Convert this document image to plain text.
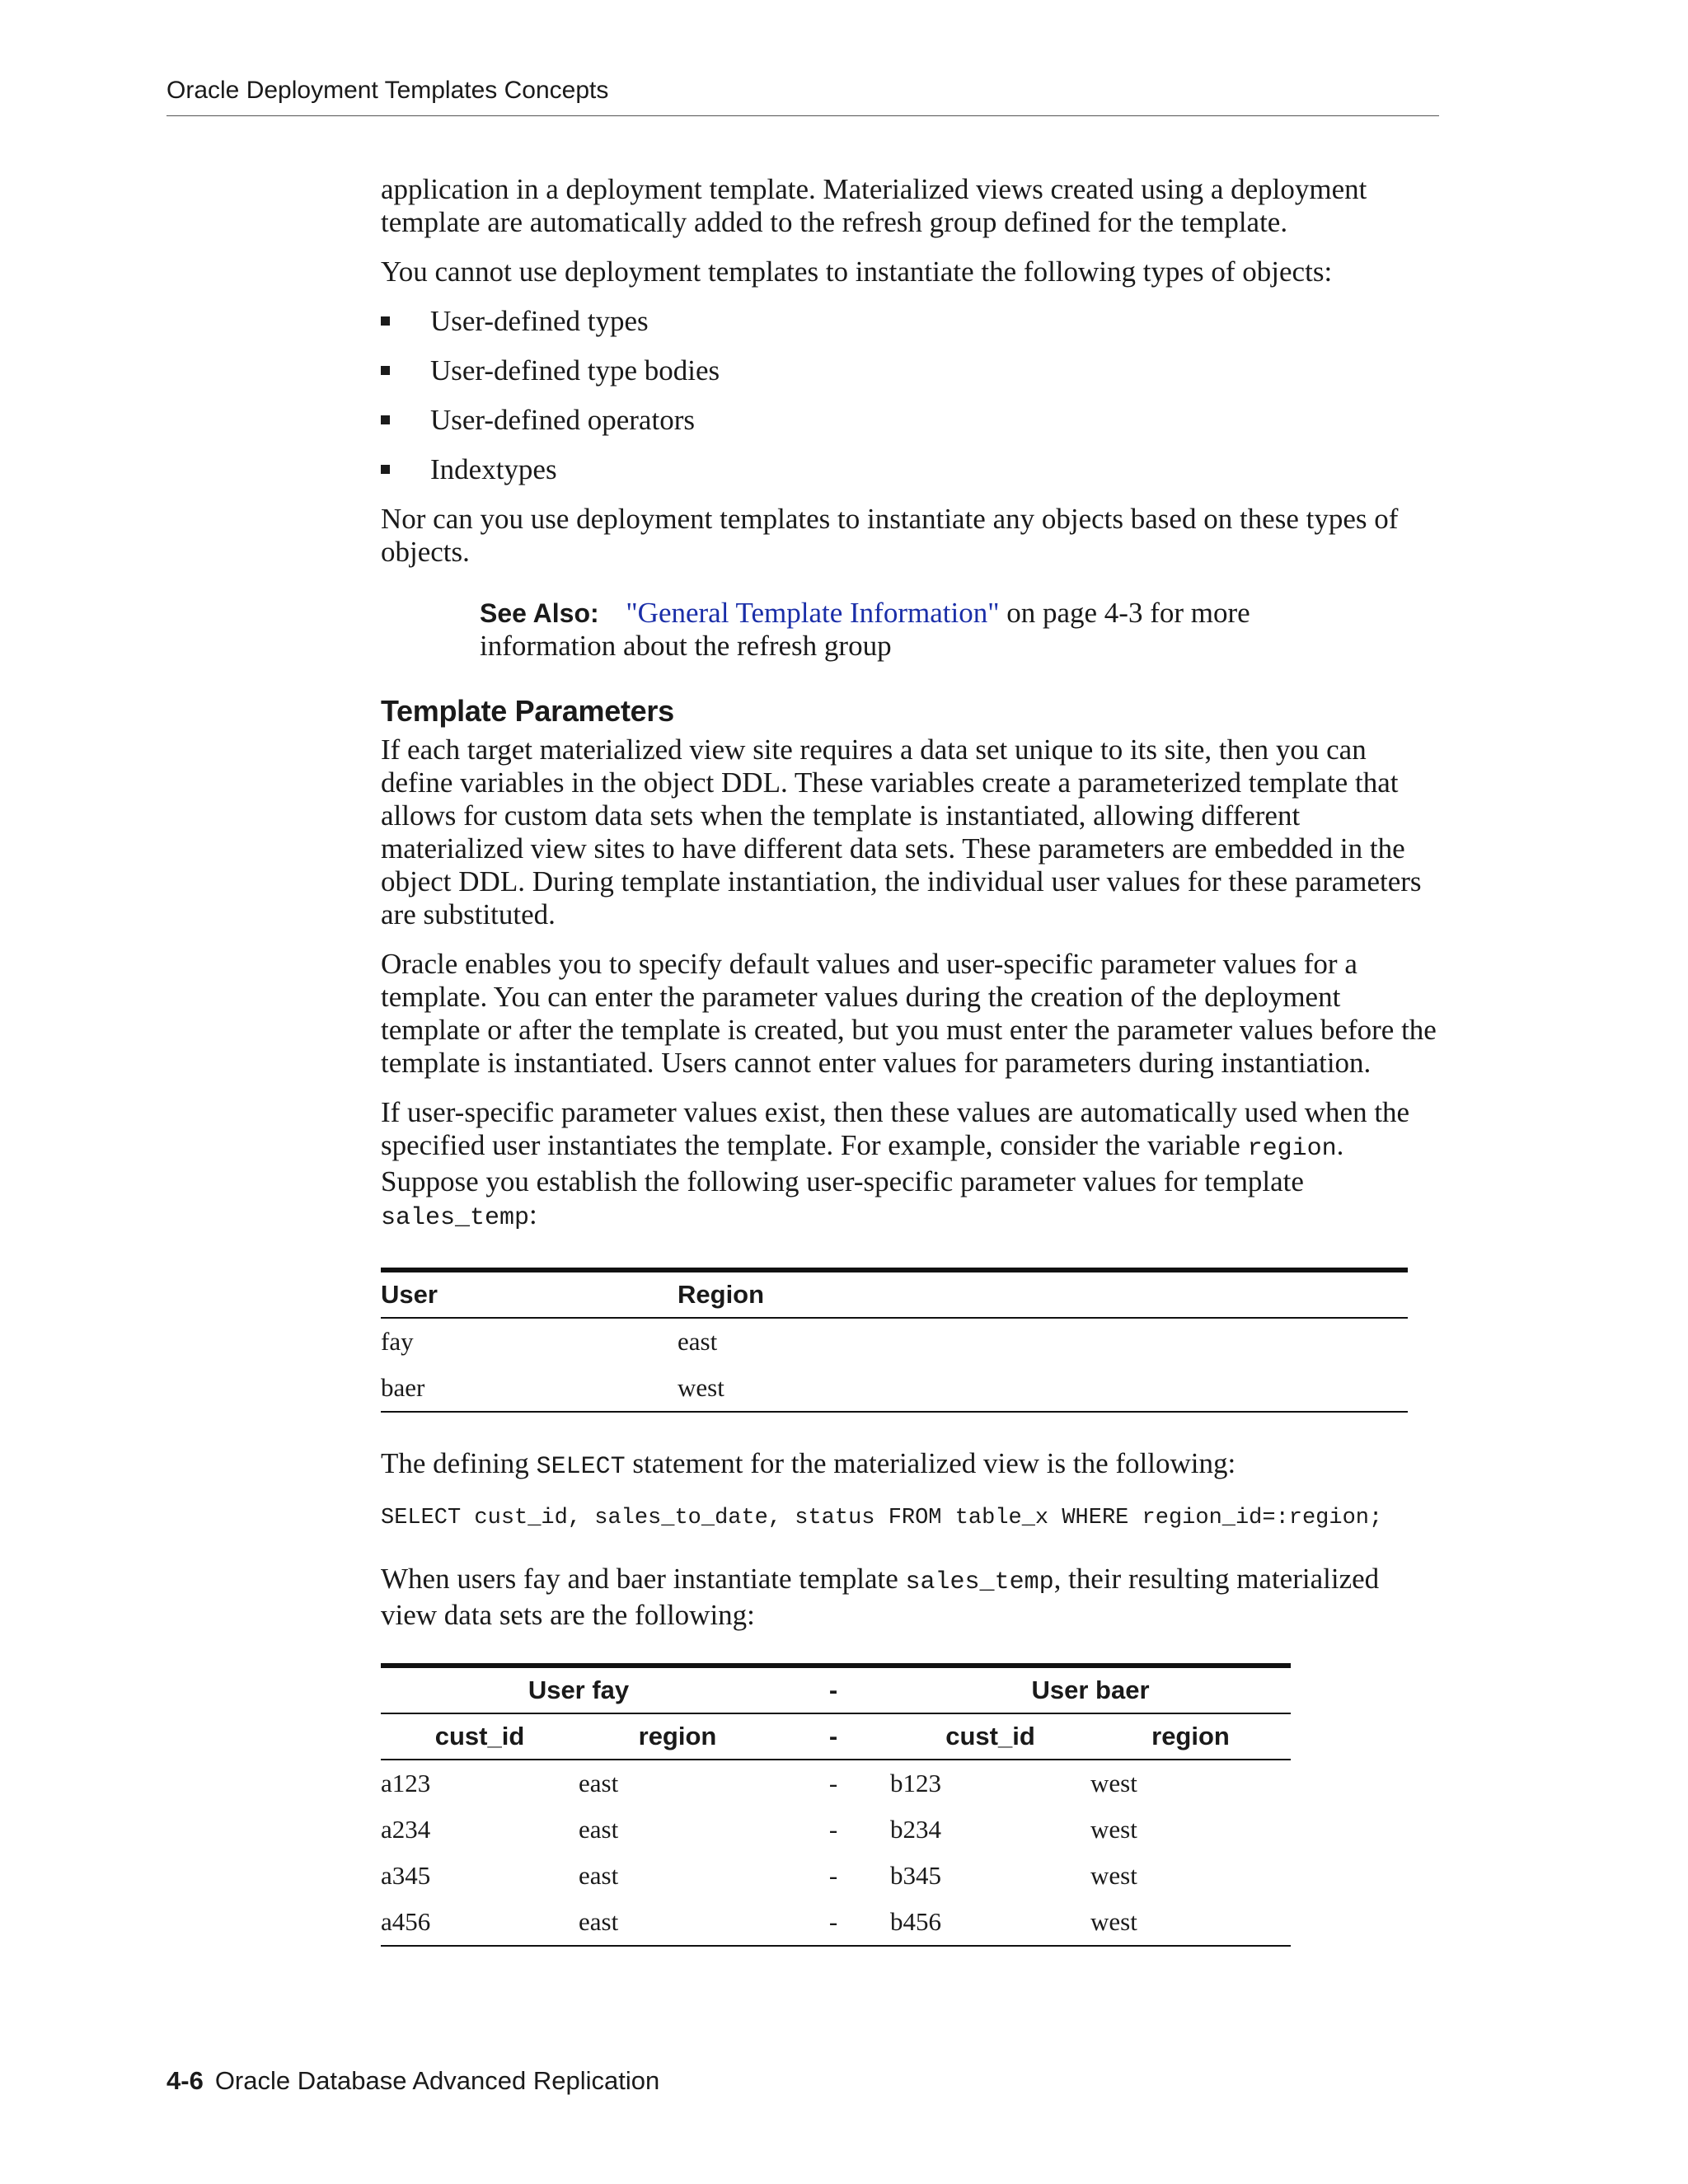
Oracle Deployment Templates Concepts

application in a deployment template. Materialized views created using a deployment template are automatically added to the refresh group defined for the template.

You cannot use deployment templates to instantiate the following types of objects:

User-defined types
User-defined type bodies
User-defined operators
Indextypes

Nor can you use deployment templates to instantiate any objects based on these types of objects.

See Also: "General Template Information" on page 4-3 for more
information about the refresh group
Template Parameters

If each target materialized view site requires a data set unique to its site, then you can define variables in the object DDL. These variables create a parameterized template that allows for custom data sets when the template is instantiated, allowing different materialized view sites to have different data sets. These parameters are embedded in the object DDL. During template instantiation, the individual user values for these parameters are substituted.

Oracle enables you to specify default values and user-specific parameter values for a template. You can enter the parameter values during the creation of the deployment template or after the template is created, but you must enter the parameter values before the template is instantiated. Users cannot enter values for parameters during instantiation.

If user-specific parameter values exist, then these values are automatically used when the specified user instantiates the template. For example, consider the variable region. Suppose you establish the following user-specific parameter values for template sales_temp:

User	Region
fay	east
baer	west

The defining SELECT statement for the materialized view is the following:

SELECT cust_id, sales_to_date, status FROM table_x WHERE region_id=:region;

When users fay and baer instantiate template sales_temp, their resulting materialized view data sets are the following:

User fay		-	User baer	
cust_id	region	-	cust_id	region
a123	east	-	b123	west
a234	east	-	b234	west
a345	east	-	b345	west
a456	east	-	b456	west
4-6 Oracle Database Advanced Replication
